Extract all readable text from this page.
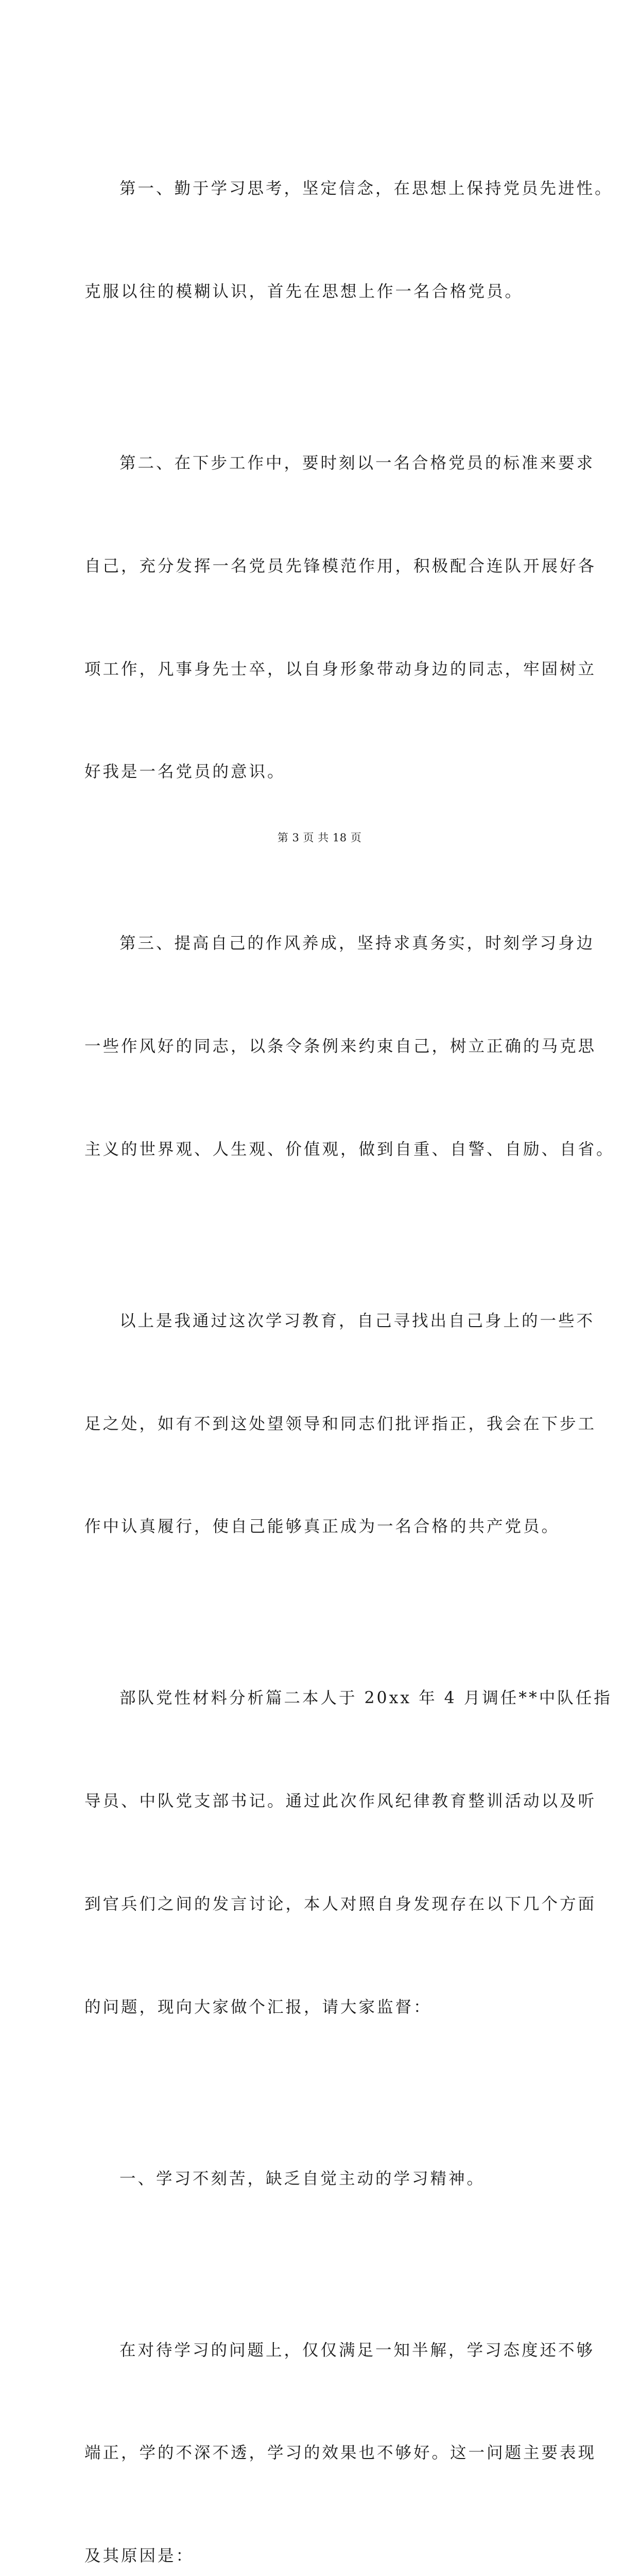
第一、勤于学习思考，坚定信念，在思想上保持党员先进性。

克服以往的模糊认识，首先在思想上作一名合格党员。

第二、在下步工作中，要时刻以一名合格党员的标准来要求

自己，充分发挥一名党员先锋模范作用，积极配合连队开展好各

项工作，凡事身先士卒，以自身形象带动身边的同志，牢固树立

好我是一名党员的意识。

第三、提高自己的作风养成，坚持求真务实，时刻学习身边

一些作风好的同志，以条令条例来约束自己，树立正确的马克思

主义的世界观、人生观、价值观，做到自重、自警、自励、自省。

以上是我通过这次学习教育，自己寻找出自己身上的一些不

足之处，如有不到这处望领导和同志们批评指正，我会在下步工

作中认真履行，使自己能够真正成为一名合格的共产党员。

部队党性材料分析篇二本人于 20xx 年 4 月调任**中队任指

导员、中队党支部书记。通过此次作风纪律教育整训活动以及听

到官兵们之间的发言讨论，本人对照自身发现存在以下几个方面

的问题，现向大家做个汇报，请大家监督：

一、学习不刻苦，缺乏自觉主动的学习精神。

在对待学习的问题上，仅仅满足一知半解，学习态度还不够

端正，学的不深不透，学习的效果也不够好。这一问题主要表现

及其原因是：

第 3 页 共 18 页
